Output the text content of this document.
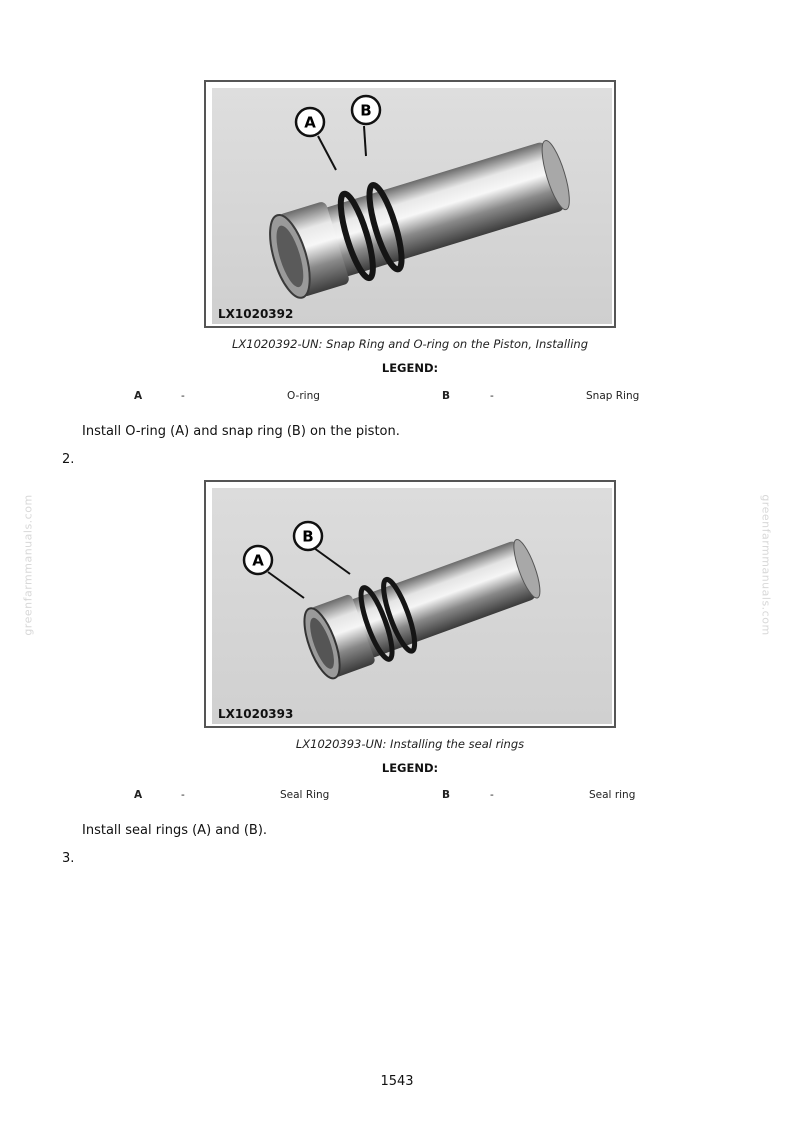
greenfarmmanuals.com	greenfarmmanuals.com
A
B
LX1020392
LX1020392-UN: Snap Ring and O-ring on the Piston, Installing
LEGEND:
A	-	O-ring	B	-	Snap Ring
Install O-ring (A) and snap ring (B) on the piston.
2.
A
B
LX1020393
LX1020393-UN: Installing the seal rings
LEGEND:
A	-	Seal Ring	B	-	Seal ring
Install seal rings (A) and (B).
3.
1543
